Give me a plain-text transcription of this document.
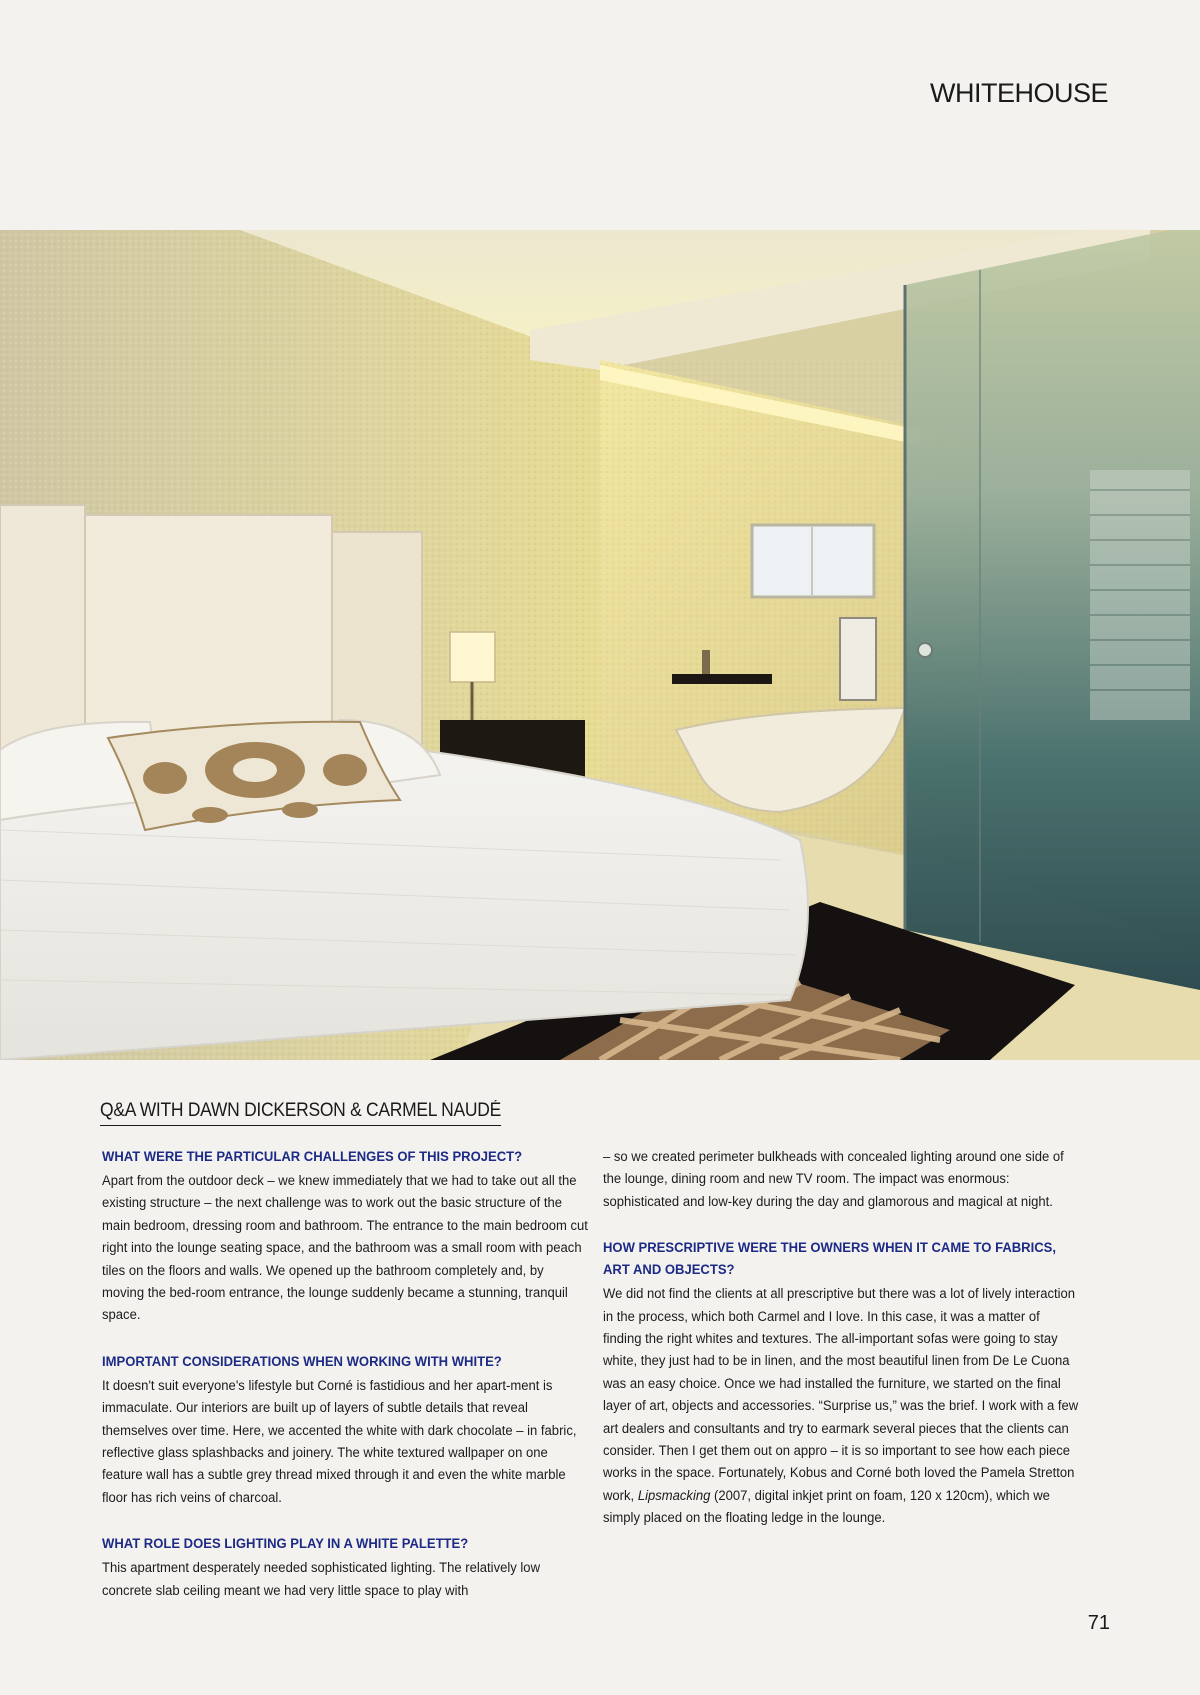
WHITEHOUSE
Q&A WITH DAWN DICKERSON & CARMEL NAUDÉ

WHAT WERE THE PARTICULAR CHALLENGES OF THIS PROJECT?

Apart from the outdoor deck – we knew immediately that we had to take out all the existing structure – the next challenge was to work out the basic structure of the main bedroom, dressing room and bathroom. The entrance to the main bedroom cut right into the lounge seating space, and the bathroom was a small room with peach tiles on the floors and walls. We opened up the bathroom completely and, by moving the bed-room entrance, the lounge suddenly became a stunning, tranquil space.

IMPORTANT CONSIDERATIONS WHEN WORKING WITH WHITE?

It doesn't suit everyone's lifestyle but Corné is fastidious and her apart-ment is immaculate. Our interiors are built up of layers of subtle details that reveal themselves over time. Here, we accented the white with dark chocolate – in fabric, reflective glass splashbacks and joinery. The white textured wallpaper on one feature wall has a subtle grey thread mixed through it and even the white marble floor has rich veins of charcoal.

WHAT ROLE DOES LIGHTING PLAY IN A WHITE PALETTE?

This apartment desperately needed sophisticated lighting. The relatively low concrete slab ceiling meant we had very little space to play with

– so we created perimeter bulkheads with concealed lighting around one side of the lounge, dining room and new TV room. The impact was enormous: sophisticated and low-key during the day and glamorous and magical at night.

HOW PRESCRIPTIVE WERE THE OWNERS WHEN IT CAME TO FABRICS, ART AND OBJECTS?

We did not find the clients at all prescriptive but there was a lot of lively interaction in the process, which both Carmel and I love. In this case, it was a matter of finding the right whites and textures. The all-important sofas were going to stay white, they just had to be in linen, and the most beautiful linen from De Le Cuona was an easy choice. Once we had installed the furniture, we started on the final layer of art, objects and accessories. “Surprise us,” was the brief. I work with a few art dealers and consultants and try to earmark several pieces that the clients can consider. Then I get them out on appro – it is so important to see how each piece works in the space. Fortunately, Kobus and Corné both loved the Pamela Stretton work, Lipsmacking (2007, digital inkjet print on foam, 120 x 120cm), which we simply placed on the floating ledge in the lounge.

71
